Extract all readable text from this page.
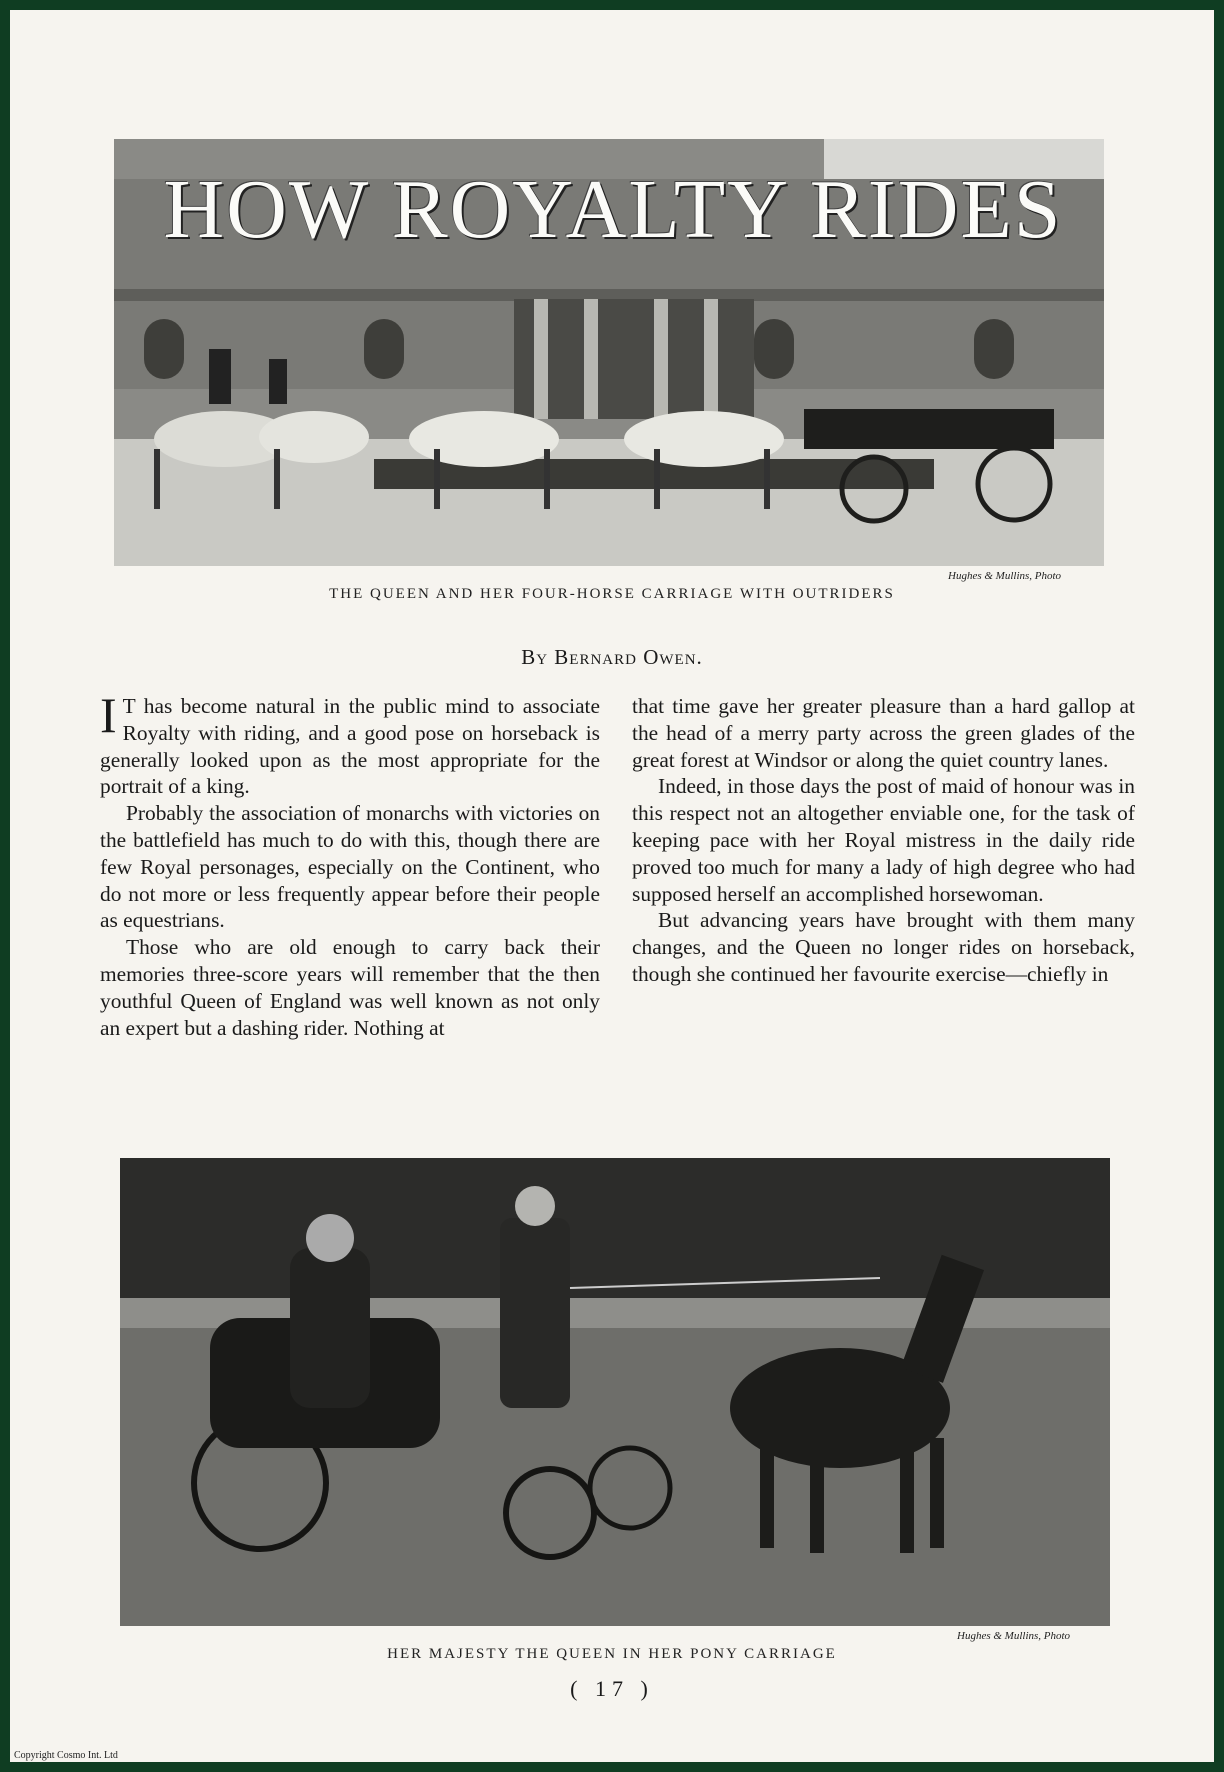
HOW ROYALTY RIDES
Hughes & Mullins, Photo
THE QUEEN AND HER FOUR-HORSE CARRIAGE WITH OUTRIDERS
By Bernard Owen.

I T has become natural in the public mind to associate Royalty with riding, and a good pose on horseback is generally looked upon as the most appropriate for the portrait of a king.

Probably the association of monarchs with victories on the battlefield has much to do with this, though there are few Royal personages, especially on the Continent, who do not more or less frequently appear before their people as equestrians.

Those who are old enough to carry back their memories three-score years will remember that the then youthful Queen of England was well known as not only an expert but a dashing rider. Nothing at

that time gave her greater pleasure than a hard gallop at the head of a merry party across the green glades of the great forest at Windsor or along the quiet country lanes.

Indeed, in those days the post of maid of honour was in this respect not an altogether enviable one, for the task of keeping pace with her Royal mistress in the daily ride proved too much for many a lady of high degree who had supposed herself an accomplished horsewoman.

But advancing years have brought with them many changes, and the Queen no longer rides on horseback, though she continued her favourite exercise—chiefly in

Hughes & Mullins, Photo
HER MAJESTY THE QUEEN IN HER PONY CARRIAGE
( 17 )
Copyright Cosmo Int. Ltd
